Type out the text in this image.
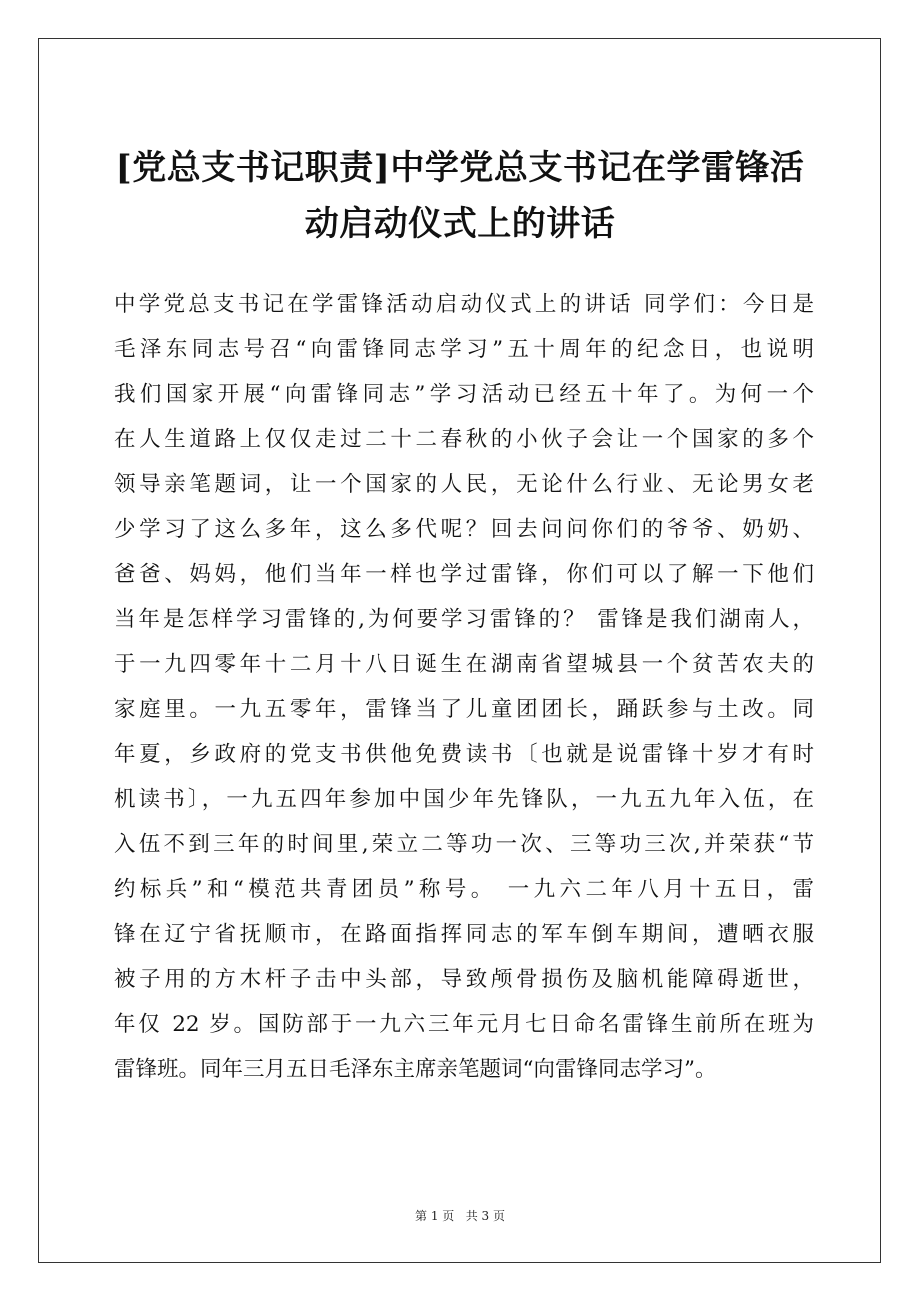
[党总支书记职责]中学党总支书记在学雷锋活
动启动仪式上的讲话
中学党总支书记在学雷锋活动启动仪式上的讲话 同学们：今日是
毛泽东同志号召“向雷锋同志学习”五十周年的纪念日，也说明
我们国家开展“向雷锋同志”学习活动已经五十年了。为何一个
在人生道路上仅仅走过二十二春秋的小伙子会让一个国家的多个
领导亲笔题词，让一个国家的人民，无论什么行业、无论男女老
少学习了这么多年，这么多代呢？回去问问你们的爷爷、奶奶、
爸爸、妈妈，他们当年一样也学过雷锋，你们可以了解一下他们
当年是怎样学习雷锋的,为何要学习雷锋的？ 雷锋是我们湖南人，
于一九四零年十二月十八日诞生在湖南省望城县一个贫苦农夫的
家庭里。一九五零年，雷锋当了儿童团团长，踊跃参与土改。同
年夏，乡政府的党支书供他免费读书〔也就是说雷锋十岁才有时
机读书〕，一九五四年参加中国少年先锋队，一九五九年入伍，在
入伍不到三年的时间里,荣立二等功一次、三等功三次,并荣获“节
约标兵”和“模范共青团员”称号。 一九六二年八月十五日，雷
锋在辽宁省抚顺市，在路面指挥同志的军车倒车期间，遭晒衣服
被子用的方木杆子击中头部，导致颅骨损伤及脑机能障碍逝世，
年仅 22 岁。国防部于一九六三年元月七日命名雷锋生前所在班为
雷锋班。同年三月五日毛泽东主席亲笔题词“向雷锋同志学习”。
第 1 页 共 3 页
